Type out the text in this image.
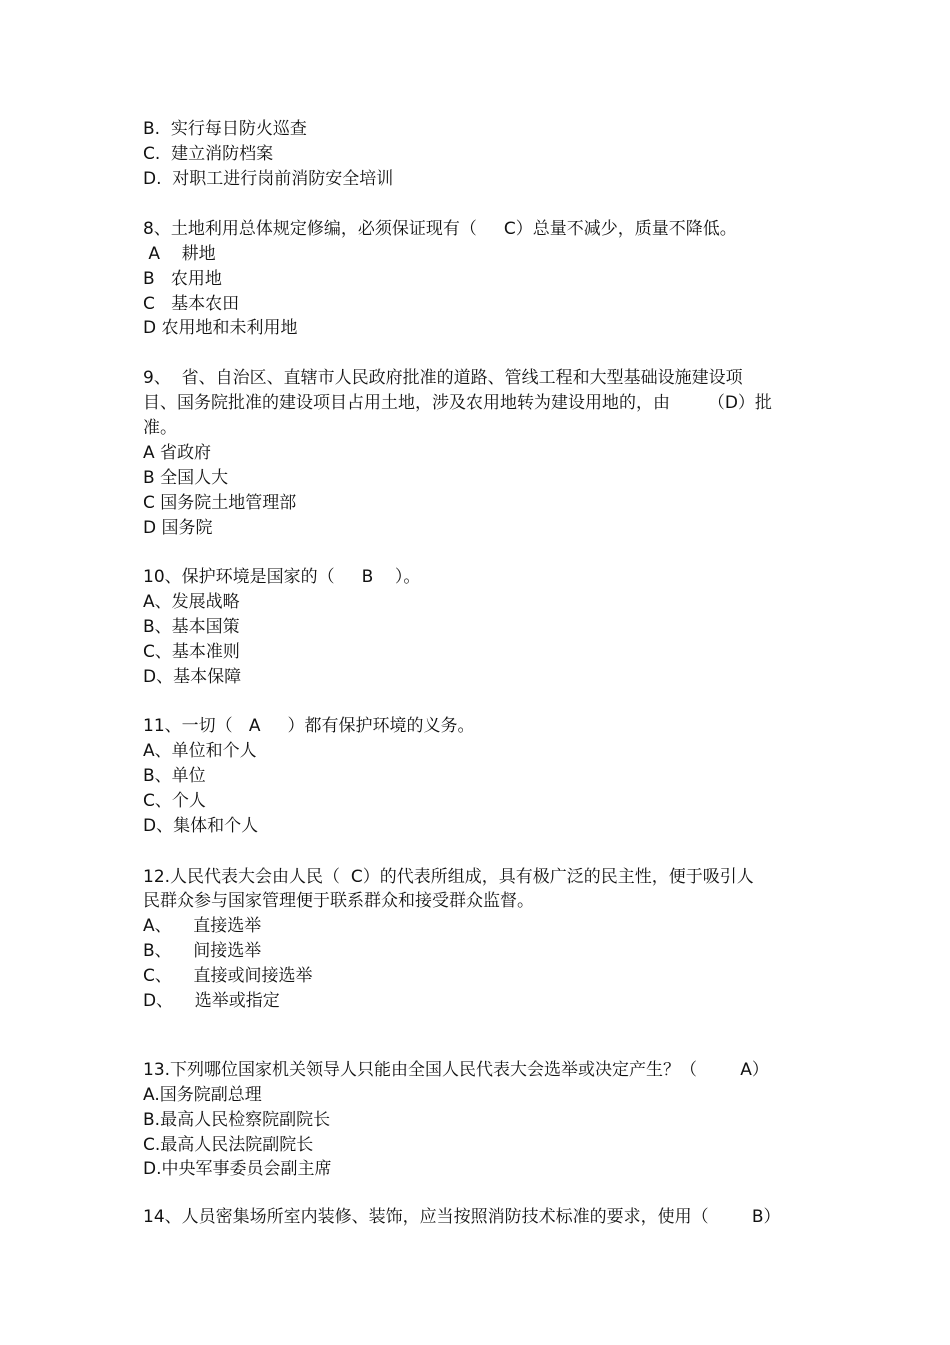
B.  实行每日防火巡查

C.  建立消防档案

D.  对职工进行岗前消防安全培训

8、土地利用总体规定修编，必须保证现有（     C）总量不减少，质量不降低。

A    耕地

B   农用地

C   基本农田

D 农用地和未利用地

9、  省、自治区、直辖市人民政府批准的道路、管线工程和大型基础设施建设项

目、国务院批准的建设项目占用土地，涉及农用地转为建设用地的，由       （D）批

准。

A 省政府

B 全国人大

C 国务院土地管理部

D 国务院

10、保护环境是国家的（     B    ）。

A、发展战略

B、基本国策

C、基本准则

D、基本保障

11、一切（   A     ）都有保护环境的义务。

A、单位和个人

B、单位

C、个人

D、集体和个人

12.人民代表大会由人民（  C）的代表所组成，具有极广泛的民主性，便于吸引人

民群众参与国家管理便于联系群众和接受群众监督。

A、    直接选举

B、    间接选举

C、    直接或间接选举

D、    选举或指定

13.下列哪位国家机关领导人只能由全国人民代表大会选举或决定产生？（        A）

A.国务院副总理

B.最高人民检察院副院长

C.最高人民法院副院长

D.中央军事委员会副主席

14、人员密集场所室内装修、装饰，应当按照消防技术标准的要求，使用（        B）
